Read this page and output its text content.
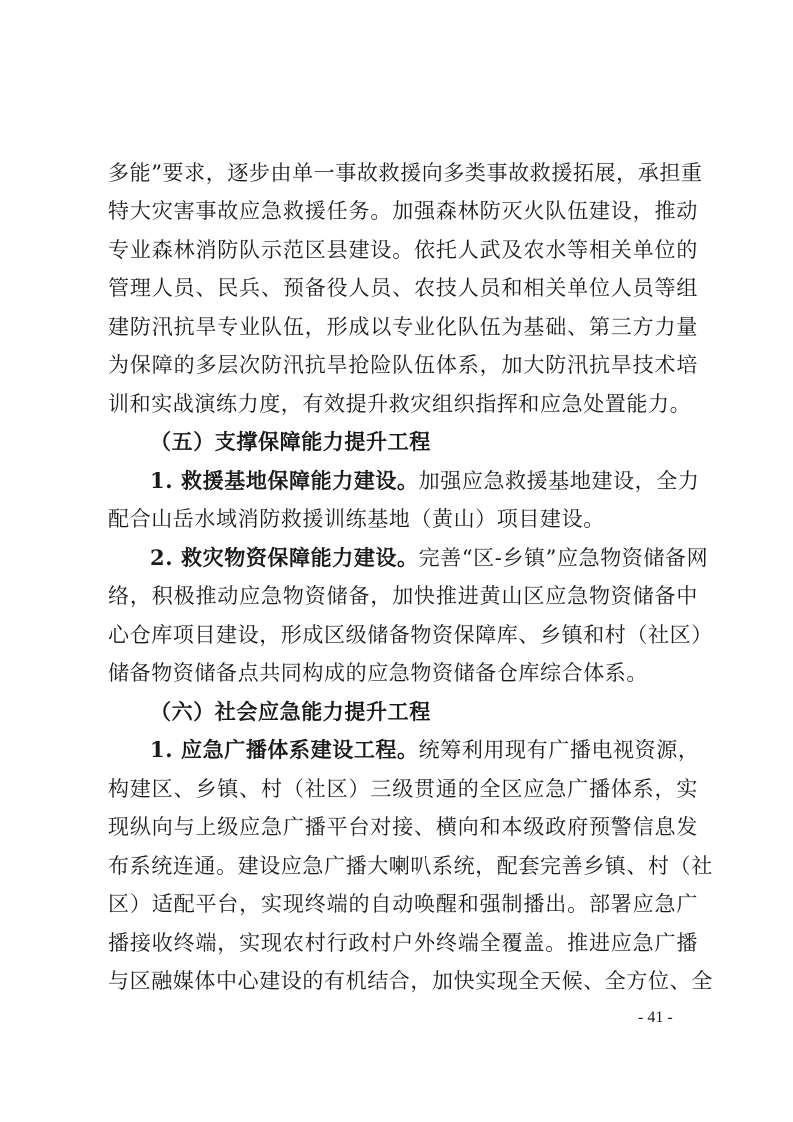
多能”要求，逐步由单一事故救援向多类事故救援拓展，承担重
特大灾害事故应急救援任务。加强森林防灭火队伍建设，推动
专业森林消防队示范区县建设。依托人武及农水等相关单位的
管理人员、民兵、预备役人员、农技人员和相关单位人员等组
建防汛抗旱专业队伍，形成以专业化队伍为基础、第三方力量
为保障的多层次防汛抗旱抢险队伍体系，加大防汛抗旱技术培
训和实战演练力度，有效提升救灾组织指挥和应急处置能力。
（五）支撑保障能力提升工程
1. 救援基地保障能力建设。加强应急救援基地建设，全力
配合山岳水域消防救援训练基地（黄山）项目建设。
2. 救灾物资保障能力建设。完善“区-乡镇”应急物资储备网
络，积极推动应急物资储备，加快推进黄山区应急物资储备中
心仓库项目建设，形成区级储备物资保障库、乡镇和村（社区）
储备物资储备点共同构成的应急物资储备仓库综合体系。
（六）社会应急能力提升工程
1. 应急广播体系建设工程。统筹利用现有广播电视资源，
构建区、乡镇、村（社区）三级贯通的全区应急广播体系，实
现纵向与上级应急广播平台对接、横向和本级政府预警信息发
布系统连通。建设应急广播大喇叭系统，配套完善乡镇、村（社
区）适配平台，实现终端的自动唤醒和强制播出。部署应急广
播接收终端，实现农村行政村户外终端全覆盖。推进应急广播
与区融媒体中心建设的有机结合，加快实现全天候、全方位、全
- 41 -
